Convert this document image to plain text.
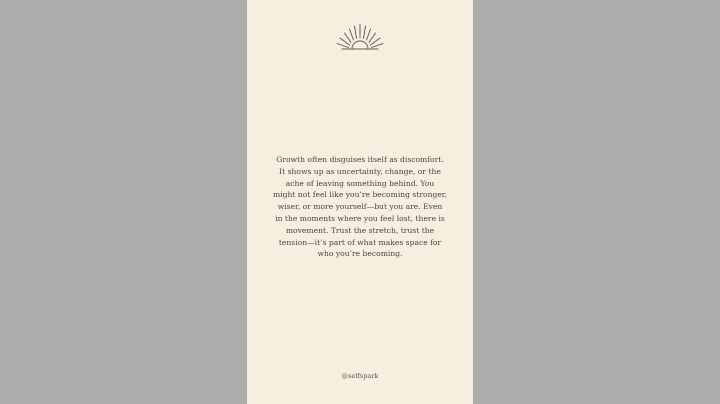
Growth often disguises itself as discomfort.
It shows up as uncertainty, change, or the
ache of leaving something behind. You
might not feel like you’re becoming stronger,
wiser, or more yourself—but you are. Even
in the moments where you feel lost, there is
movement. Trust the stretch, trust the
tension—it’s part of what makes space for
who you’re becoming.

@selfspark
